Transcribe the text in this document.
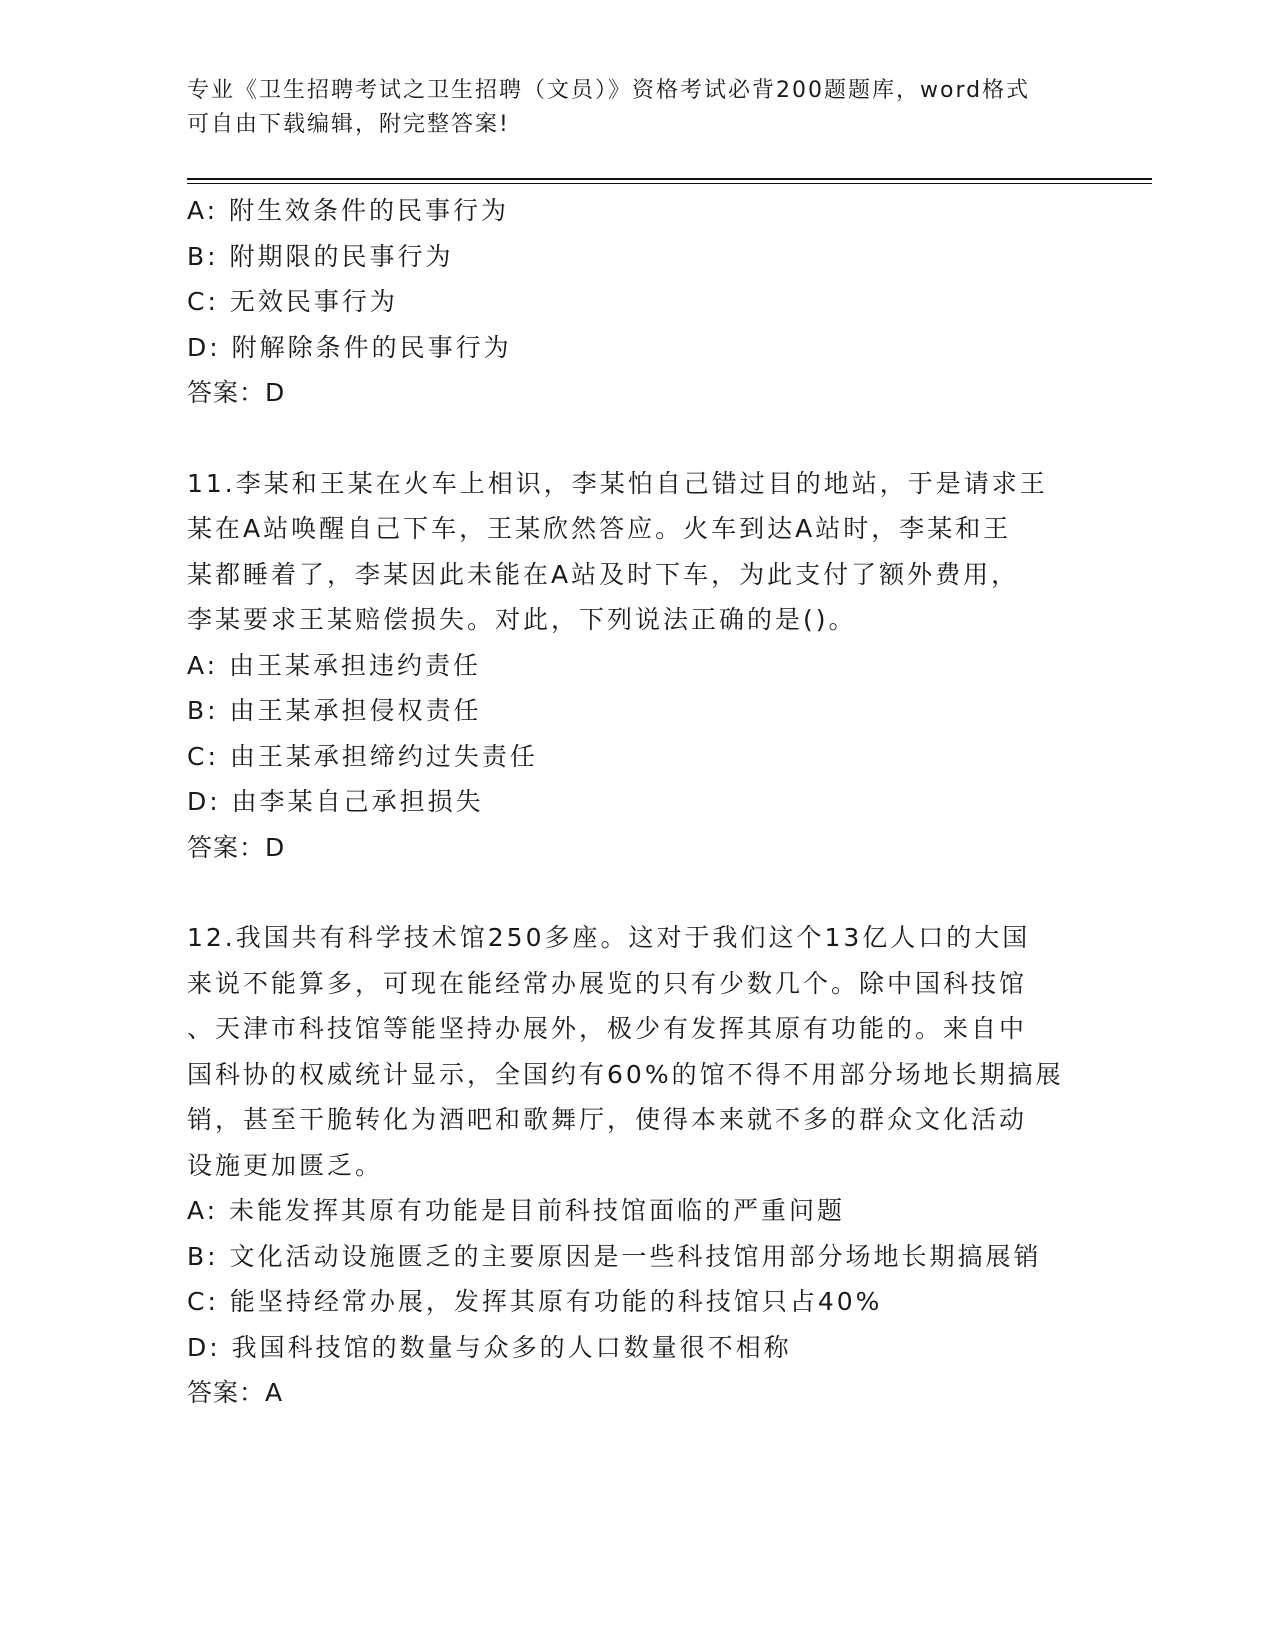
专业《卫生招聘考试之卫生招聘（文员）》资格考试必背200题题库，word格式
可自由下载编辑，附完整答案!
A: 附生效条件的民事行为
B: 附期限的民事行为
C: 无效民事行为
D: 附解除条件的民事行为
答案：D
11.李某和王某在火车上相识，李某怕自己错过目的地站，于是请求王
某在A站唤醒自己下车，王某欣然答应。火车到达A站时，李某和王
某都睡着了，李某因此未能在A站及时下车，为此支付了额外费用，
李某要求王某赔偿损失。对此，下列说法正确的是()。
A: 由王某承担违约责任
B: 由王某承担侵权责任
C: 由王某承担缔约过失责任
D: 由李某自己承担损失
答案：D
12.我国共有科学技术馆250多座。这对于我们这个13亿人口的大国
来说不能算多，可现在能经常办展览的只有少数几个。除中国科技馆
、天津市科技馆等能坚持办展外，极少有发挥其原有功能的。来自中
国科协的权威统计显示，全国约有60%的馆不得不用部分场地长期搞展
销，甚至干脆转化为酒吧和歌舞厅，使得本来就不多的群众文化活动
设施更加匮乏。
A: 未能发挥其原有功能是目前科技馆面临的严重问题
B: 文化活动设施匮乏的主要原因是一些科技馆用部分场地长期搞展销
C: 能坚持经常办展，发挥其原有功能的科技馆只占40%
D: 我国科技馆的数量与众多的人口数量很不相称
答案：A
